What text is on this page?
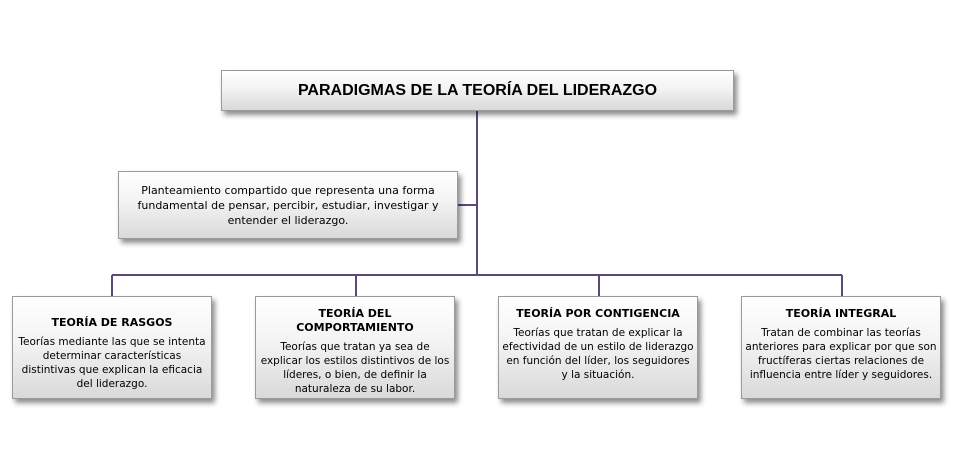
PARADIGMAS DE LA TEORÍA DEL LIDERAZGO
Planteamiento compartido que representa una forma fundamental de pensar, percibir, estudiar, investigar y entender el liderazgo.
TEORÍA DE RASGOS
Teorías mediante las que se intenta determinar características distintivas que explican la eficacia del liderazgo.
TEORÍA DEL COMPORTAMIENTO
Teorías que tratan ya sea de explicar los estilos distintivos de los líderes, o bien, de definir la naturaleza de su labor.
TEORÍA POR CONTIGENCIA
Teorías que tratan de explicar la efectividad de un estilo de liderazgo en función del líder, los seguidores y la situación.
TEORÍA INTEGRAL
Tratan de combinar las teorías anteriores para explicar por que son fructíferas ciertas relaciones de influencia entre líder y seguidores.
